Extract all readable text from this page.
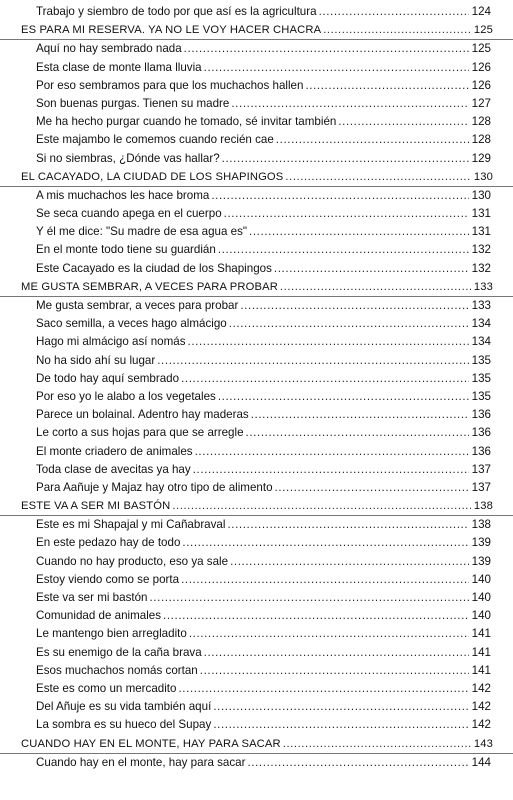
Trabajo y siembro de todo por que así es la agricultura .....	124
ES PARA MI RESERVA. YA NO LE VOY HACER CHACRA .....	125
Aquí no hay sembrado nada .....	125
Esta clase de monte llama lluvia .....	126
Por eso sembramos para que los muchachos hallen .....	126
Son buenas purgas. Tienen su madre .....	127
Me ha hecho purgar cuando he tomado, sé invitar también .....	128
Este majambo le comemos cuando recién cae .....	128
Si no siembras, ¿Dónde vas hallar? .....	129
EL CACAYADO, LA CIUDAD DE LOS SHAPINGOS .....	130
A mis muchachos les hace broma .....	130
Se seca cuando apega en el cuerpo .....	131
Y él me dice: "Su madre de esa agua es" .....	131
En el monte todo tiene su guardián .....	132
Este Cacayado es la ciudad de los Shapingos .....	132
ME GUSTA SEMBRAR, A VECES PARA PROBAR .....	133
Me gusta sembrar, a veces para probar .....	133
Saco semilla, a veces hago almácigo .....	134
Hago mi almácigo así nomás .....	134
No ha sido ahí su lugar .....	135
De todo hay aquí sembrado .....	135
Por eso yo le alabo a los vegetales .....	135
Parece un bolainal. Adentro hay maderas .....	136
Le corto a sus hojas para que se arregle .....	136
El monte criadero de animales .....	136
Toda clase de avecitas ya hay .....	137
Para Aañuje y Majaz hay otro tipo de alimento .....	137
ESTE VA A SER MI BASTÓN .....	138
Este es mi Shapajal y mi Cañabraval .....	138
En este pedazo hay de todo .....	139
Cuando no hay producto, eso ya sale .....	139
Estoy viendo como se porta .....	140
Este va ser mi bastón .....	140
Comunidad de animales .....	140
Le mantengo bien arregladito .....	141
Es su enemigo de la caña brava .....	141
Esos muchachos nomás cortan .....	141
Este es como un mercadito .....	142
Del Añuje es su vida también aquí .....	142
La sombra es su hueco del Supay .....	142
CUANDO HAY EN EL MONTE, HAY PARA SACAR .....	143
Cuando hay en el monte, hay para sacar .....	144
